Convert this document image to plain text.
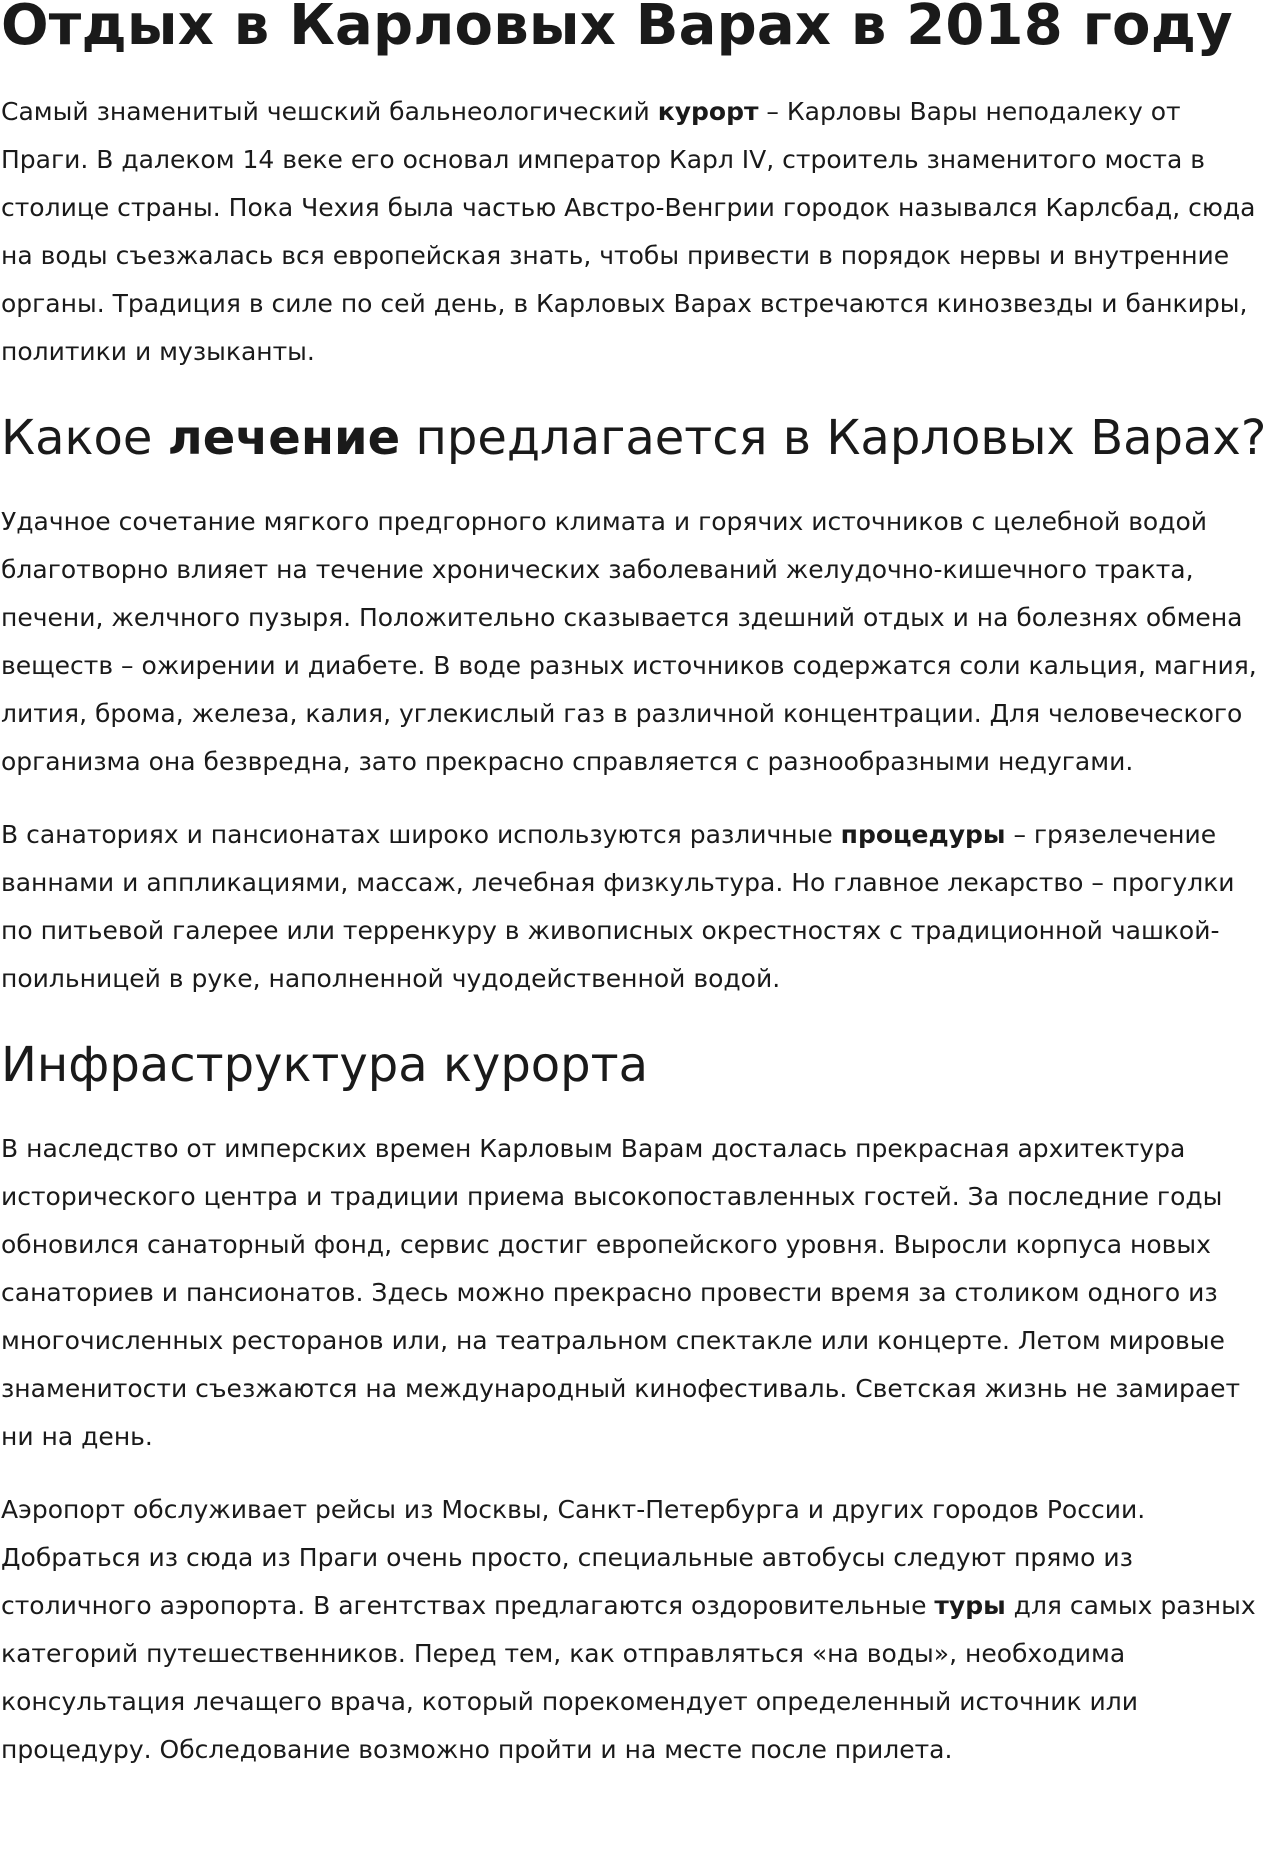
Отдых в Карловых Варах в 2018 году

Самый знаменитый чешский бальнеологический курорт – Карловы Вары неподалеку от Праги. В далеком 14 веке его основал император Карл IV, строитель знаменитого моста в столице страны. Пока Чехия была частью Австро-Венгрии городок назывался Карлсбад, сюда на воды съезжалась вся европейская знать, чтобы привести в порядок нервы и внутренние органы. Традиция в силе по сей день, в Карловых Варах встречаются кинозвезды и банкиры, политики и музыканты.

Какое лечение предлагается в Карловых Варах?

Удачное сочетание мягкого предгорного климата и горячих источников с целебной водой благотворно влияет на течение хронических заболеваний желудочно-кишечного тракта, печени, желчного пузыря. Положительно сказывается здешний отдых и на болезнях обмена веществ – ожирении и диабете. В воде разных источников содержатся соли кальция, магния, лития, брома, железа, калия, углекислый газ в различной концентрации. Для человеческого организма она безвредна, зато прекрасно справляется с разнообразными недугами.

В санаториях и пансионатах широко используются различные процедуры – грязелечение ваннами и аппликациями, массаж, лечебная физкультура. Но главное лекарство – прогулки по питьевой галерее или терренкуру в живописных окрестностях с традиционной чашкой-поильницей в руке, наполненной чудодейственной водой.

Инфраструктура курорта

В наследство от имперских времен Карловым Варам досталась прекрасная архитектура исторического центра и традиции приема высокопоставленных гостей. За последние годы обновился санаторный фонд, сервис достиг европейского уровня. Выросли корпуса новых санаториев и пансионатов. Здесь можно прекрасно провести время за столиком одного из многочисленных ресторанов или, на театральном спектакле или концерте. Летом мировые знаменитости съезжаются на международный кинофестиваль. Светская жизнь не замирает ни на день.

Аэропорт обслуживает рейсы из Москвы, Санкт-Петербурга и других городов России. Добраться из сюда из Праги очень просто, специальные автобусы следуют прямо из столичного аэропорта. В агентствах предлагаются оздоровительные туры для самых разных категорий путешественников. Перед тем, как отправляться «на воды», необходима консультация лечащего врача, который порекомендует определенный источник или процедуру. Обследование возможно пройти и на месте после прилета.
